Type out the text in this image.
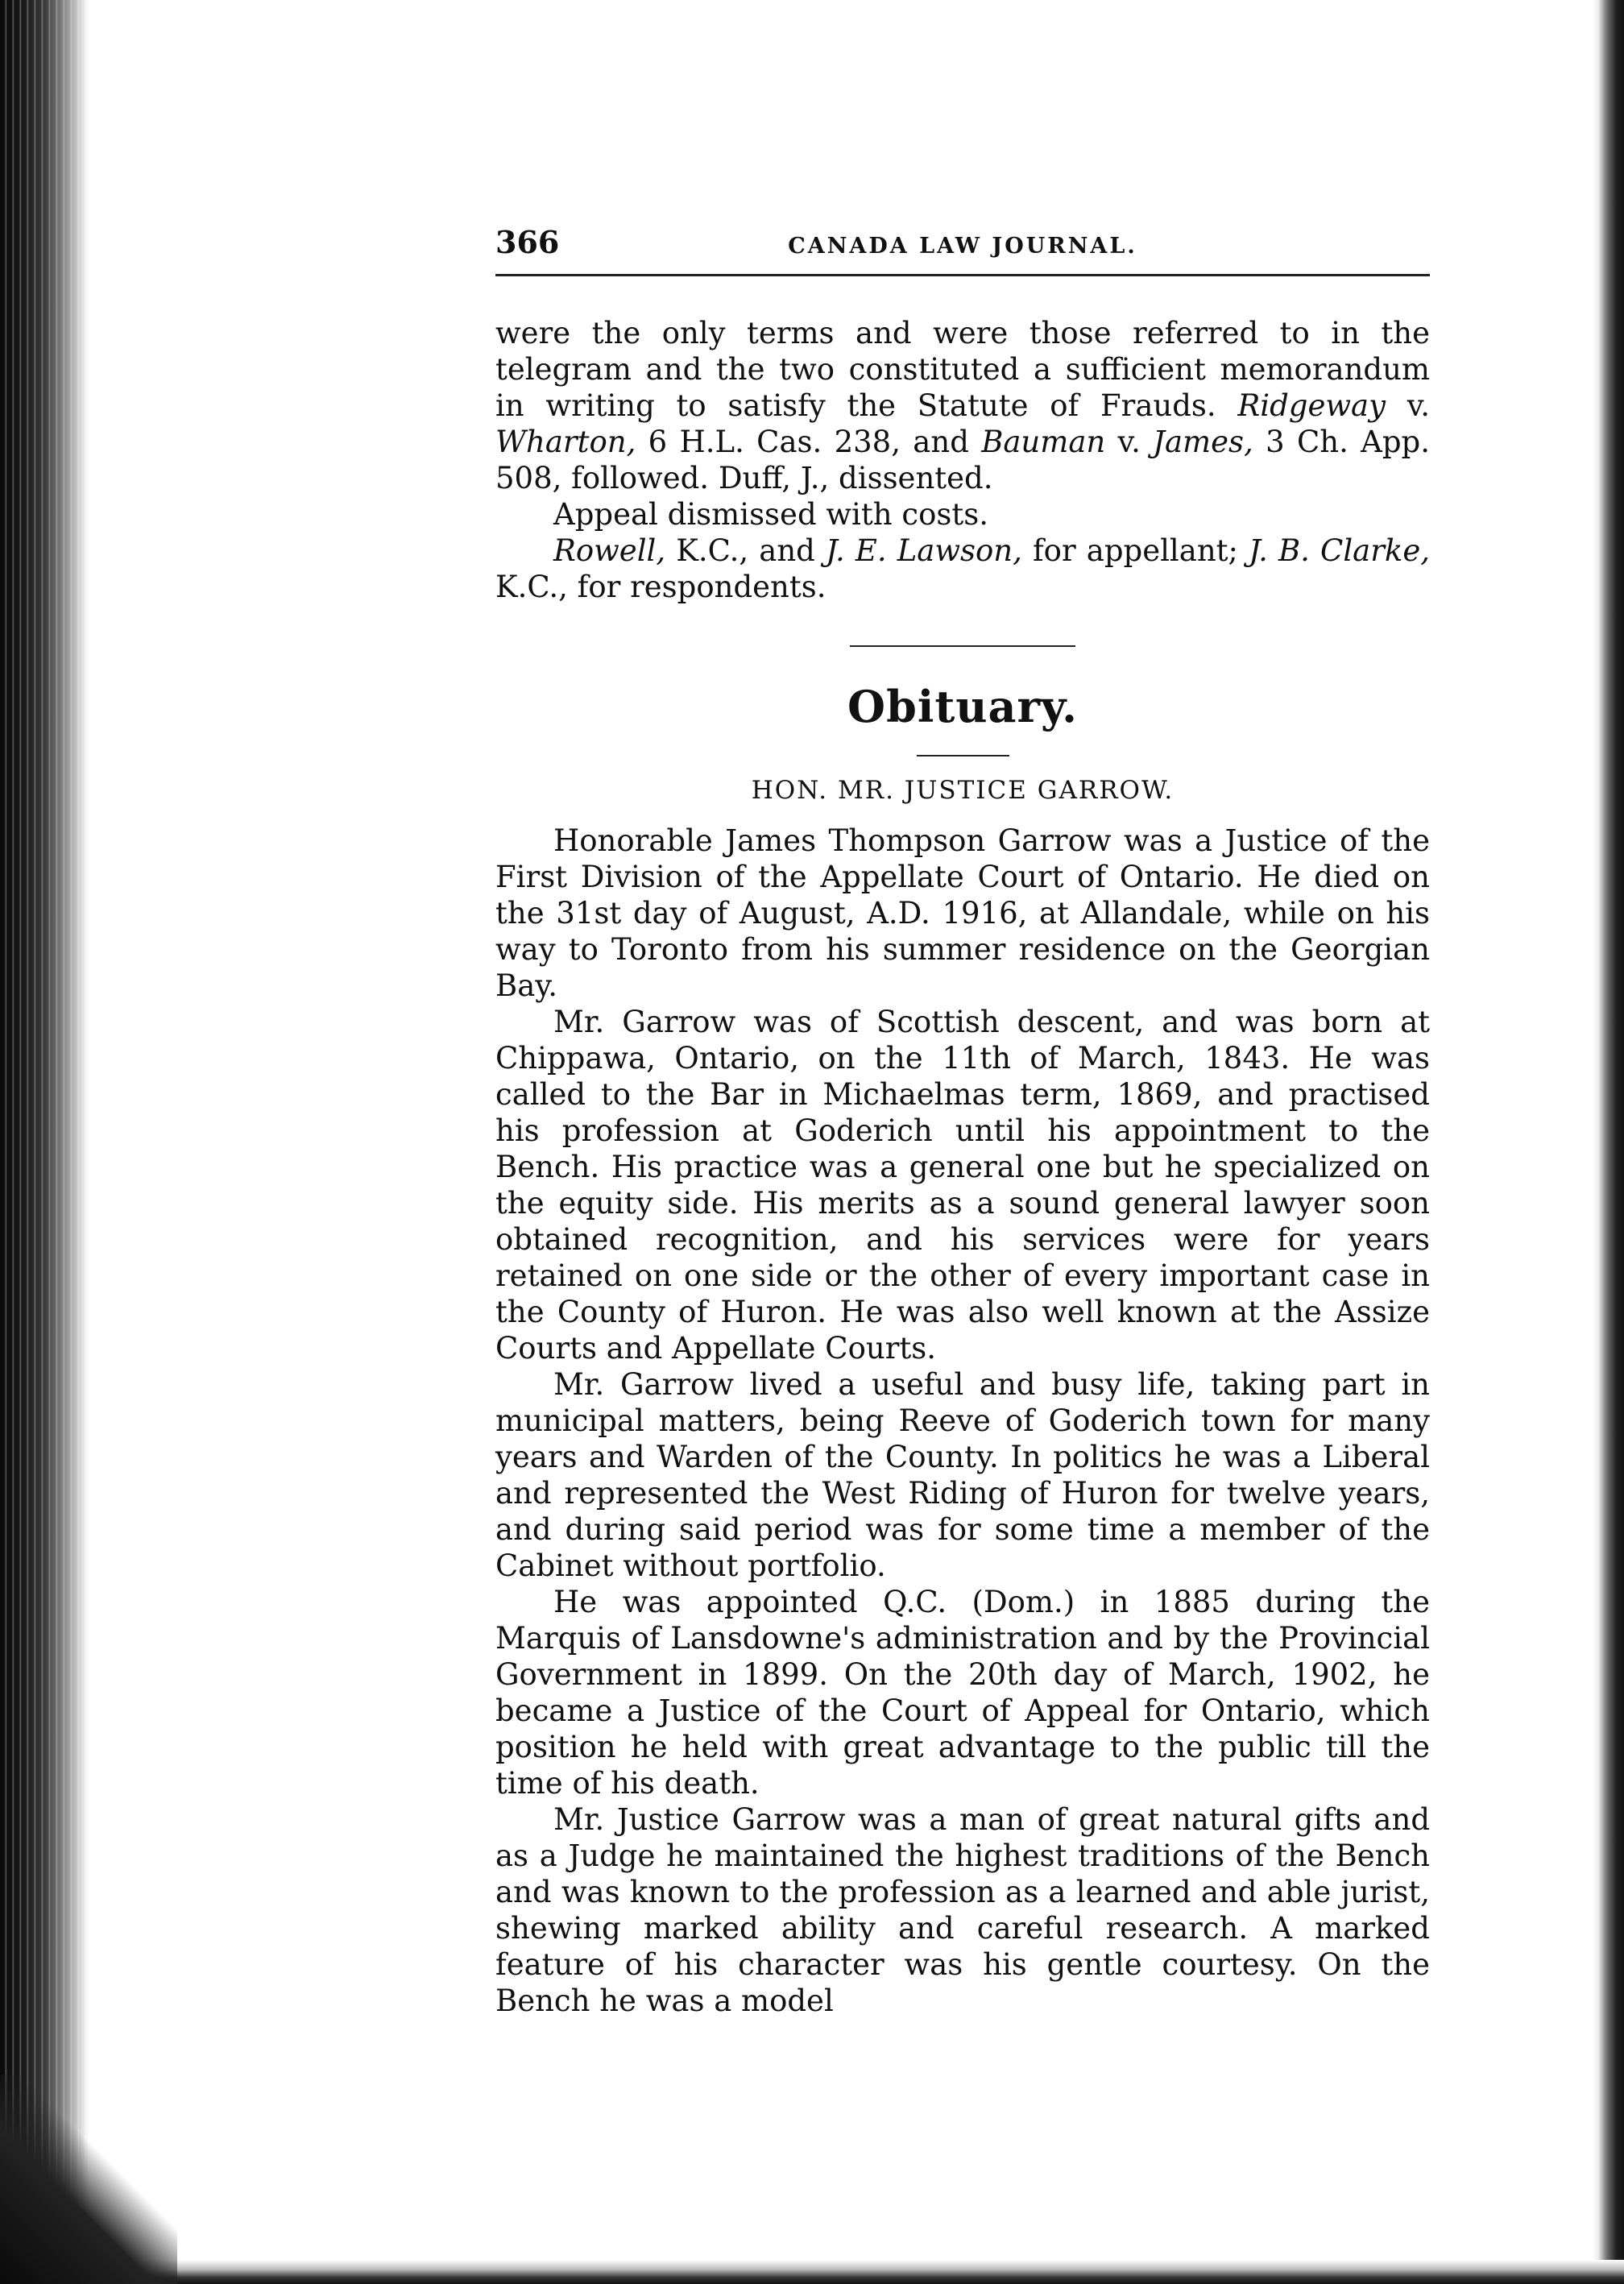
366	CANADA LAW JOURNAL.

were the only terms and were those referred to in the telegram and the two constituted a sufficient memorandum in writing to satisfy the Statute of Frauds. Ridgeway v. Wharton, 6 H.L. Cas. 238, and Bauman v. James, 3 Ch. App. 508, followed. Duff, J., dissented.

Appeal dismissed with costs.

Rowell, K.C., and J. E. Lawson, for appellant; J. B. Clarke, K.C., for respondents.

Obituary.
HON. MR. JUSTICE GARROW.

Honorable James Thompson Garrow was a Justice of the First Division of the Appellate Court of Ontario. He died on the 31st day of August, A.D. 1916, at Allandale, while on his way to Toronto from his summer residence on the Georgian Bay.

Mr. Garrow was of Scottish descent, and was born at Chippawa, Ontario, on the 11th of March, 1843. He was called to the Bar in Michaelmas term, 1869, and practised his profession at Goderich until his appointment to the Bench. His practice was a general one but he specialized on the equity side. His merits as a sound general lawyer soon obtained recognition, and his services were for years retained on one side or the other of every important case in the County of Huron. He was also well known at the Assize Courts and Appellate Courts.

Mr. Garrow lived a useful and busy life, taking part in municipal matters, being Reeve of Goderich town for many years and Warden of the County. In politics he was a Liberal and represented the West Riding of Huron for twelve years, and during said period was for some time a member of the Cabinet without portfolio.

He was appointed Q.C. (Dom.) in 1885 during the Marquis of Lansdowne's administration and by the Provincial Government in 1899. On the 20th day of March, 1902, he became a Justice of the Court of Appeal for Ontario, which position he held with great advantage to the public till the time of his death.

Mr. Justice Garrow was a man of great natural gifts and as a Judge he maintained the highest traditions of the Bench and was known to the profession as a learned and able jurist, shewing marked ability and careful research. A marked feature of his character was his gentle courtesy. On the Bench he was a model
